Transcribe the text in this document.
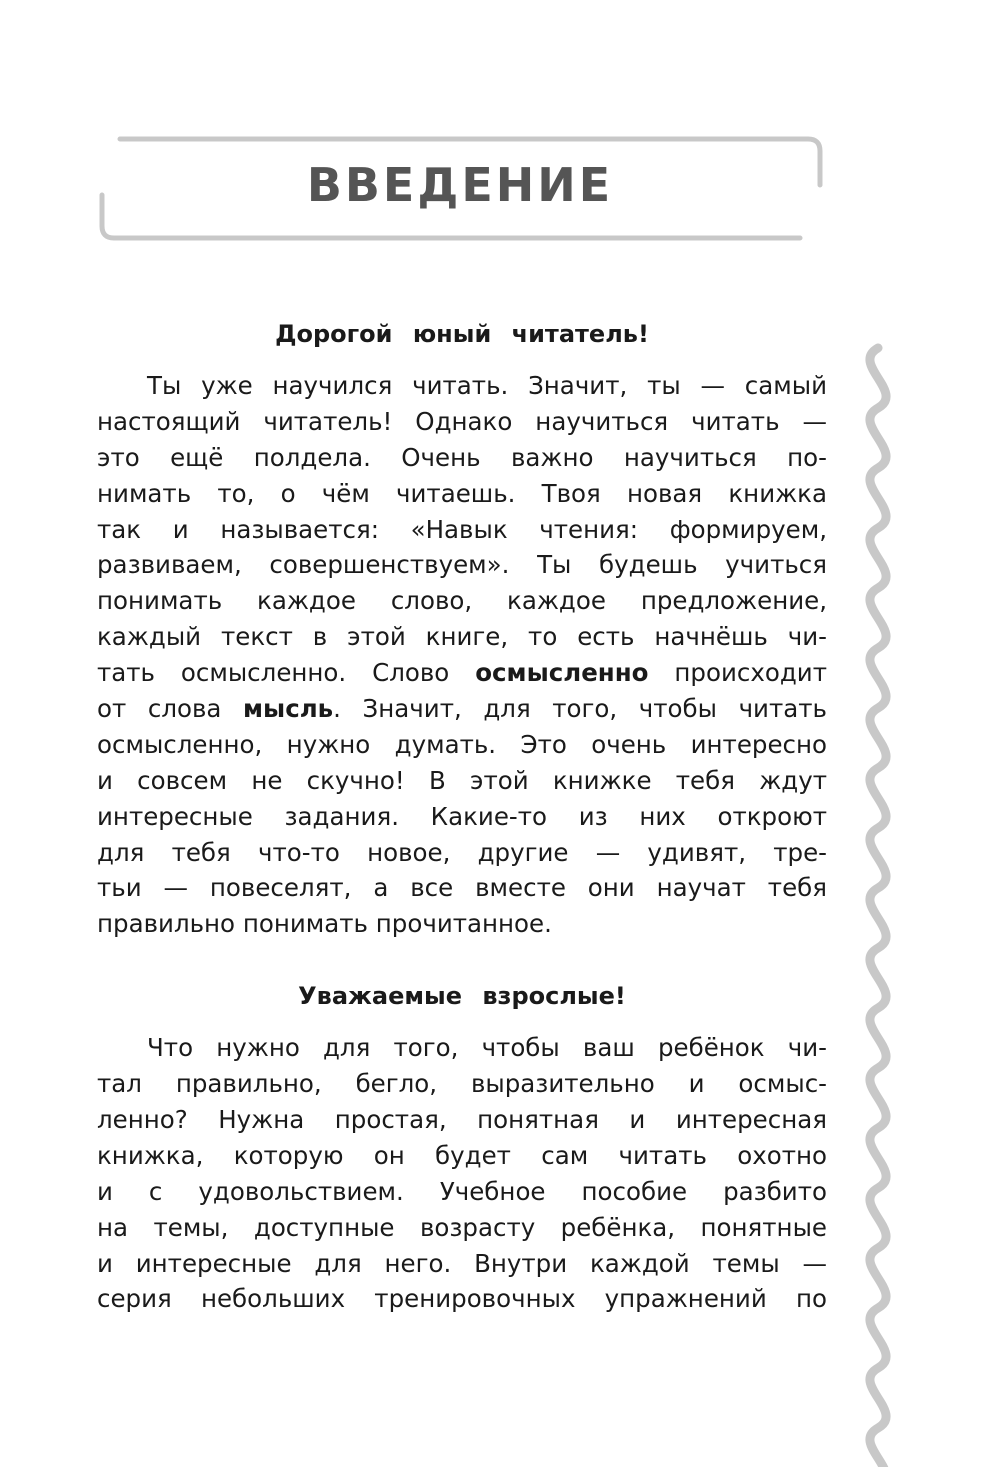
ВВЕДЕНИЕ

Дорогой юный читатель!

Ты уже научился читать. Значит, ты — самый
настоящий читатель! Однако научиться читать —
это ещё полдела. Очень важно научиться по-
нимать то, о чём читаешь. Твоя новая книжка
так и называется: «Навык чтения: формируем,
развиваем, совершенствуем». Ты будешь учиться
понимать каждое слово, каждое предложение,
каждый текст в этой книге, то есть начнёшь чи-
тать осмысленно. Слово осмысленно происходит
от слова мысль. Значит, для того, чтобы читать
осмысленно, нужно думать. Это очень интересно
и совсем не скучно! В этой книжке тебя ждут
интересные задания. Какие-то из них откроют
для тебя что-то новое, другие — удивят, тре-
тьи — повеселят, а все вместе они научат тебя
правильно понимать прочитанное.

Уважаемые взрослые!

Что нужно для того, чтобы ваш ребёнок чи-
тал правильно, бегло, выразительно и осмыс-
ленно? Нужна простая, понятная и интересная
книжка, которую он будет сам читать охотно
и с удовольствием. Учебное пособие разбито
на темы, доступные возрасту ребёнка, понятные
и интересные для него. Внутри каждой темы —
серия небольших тренировочных упражнений по
